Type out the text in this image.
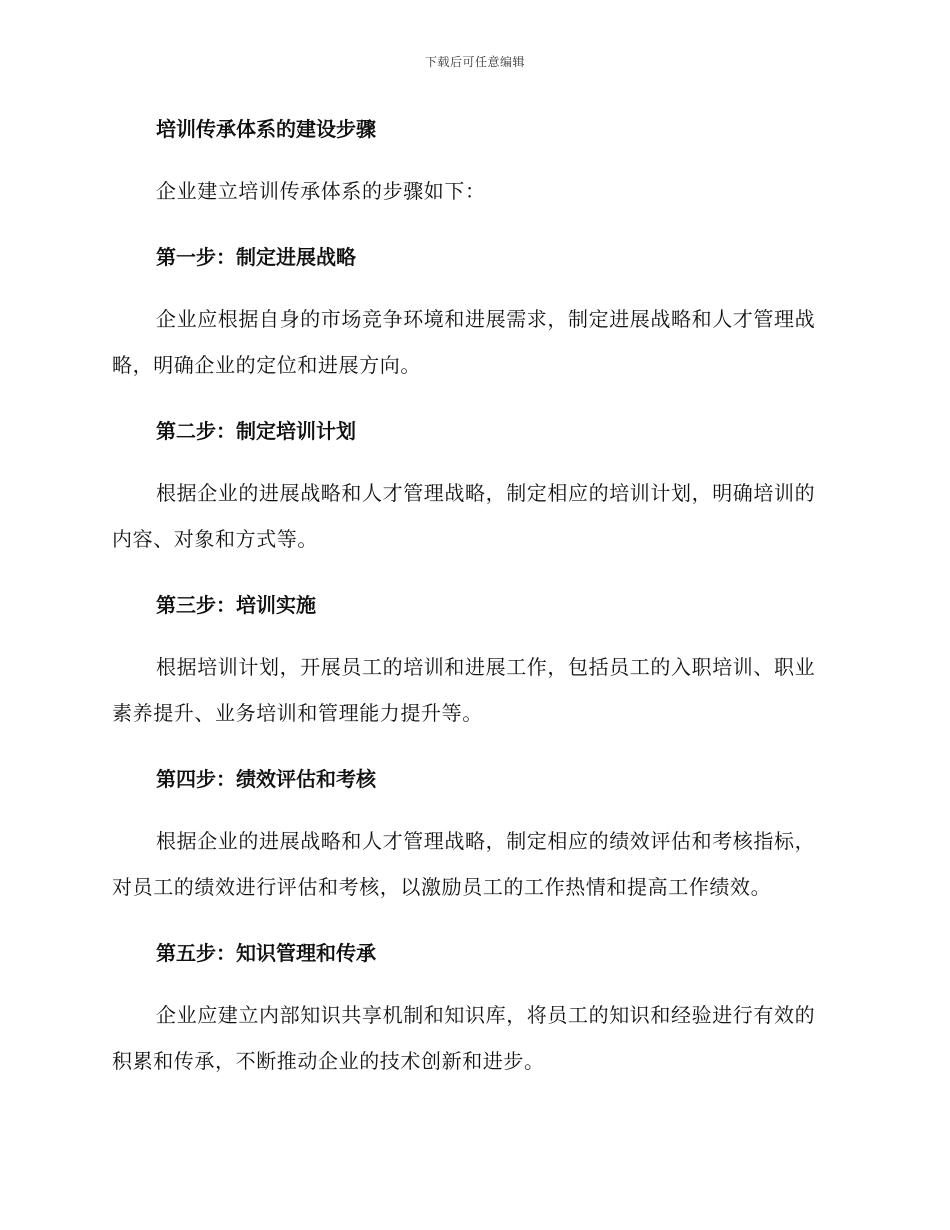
下载后可任意编辑

培训传承体系的建设步骤

企业建立培训传承体系的步骤如下：

第一步：制定进展战略

企业应根据自身的市场竞争环境和进展需求，制定进展战略和人才管理战略，明确企业的定位和进展方向。

第二步：制定培训计划

根据企业的进展战略和人才管理战略，制定相应的培训计划，明确培训的内容、对象和方式等。

第三步：培训实施

根据培训计划，开展员工的培训和进展工作，包括员工的入职培训、职业素养提升、业务培训和管理能力提升等。

第四步：绩效评估和考核

根据企业的进展战略和人才管理战略，制定相应的绩效评估和考核指标，对员工的绩效进行评估和考核，以激励员工的工作热情和提高工作绩效。

第五步：知识管理和传承

企业应建立内部知识共享机制和知识库，将员工的知识和经验进行有效的积累和传承，不断推动企业的技术创新和进步。
